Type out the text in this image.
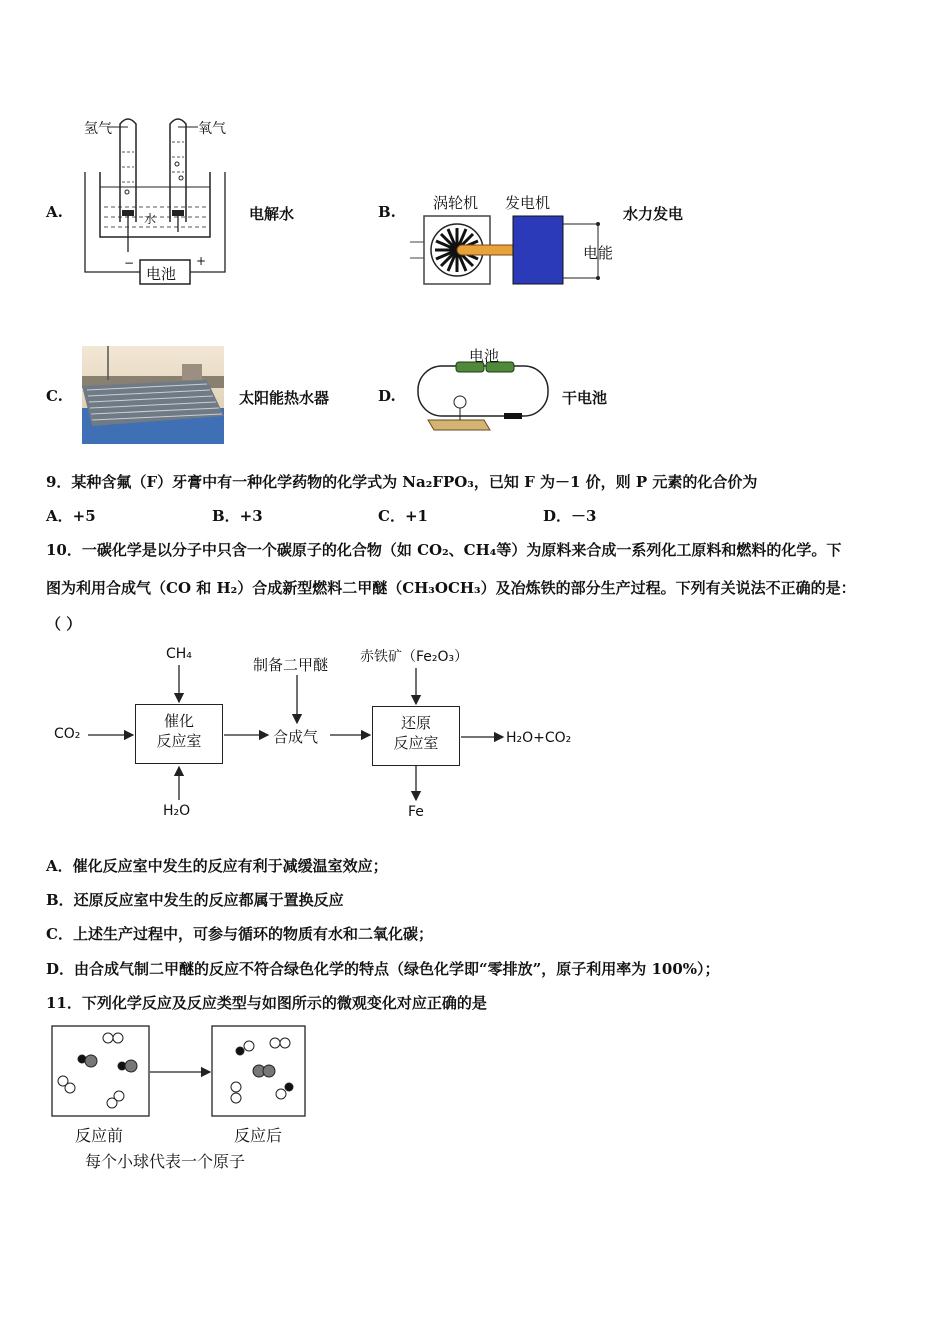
A.
氢气	氧气
水
−	+
电池
电解水	B. 涡轮机 发电机
电能
水力发电
C.	太阳能热水器	D.
电池
干电池
9．某种含氟（F）牙膏中有一种化学药物的化学式为 Na₂FPO₃，已知 F 为－1 价，则 P 元素的化合价为
A．+5	B．+3	C．+1	D．－3
10．一碳化学是以分子中只含一个碳原子的化合物（如 CO₂、CH₄等）为原料来合成一系列化工原料和燃料的化学。下
图为利用合成气（CO 和 H₂）合成新型燃料二甲醚（CH₃OCH₃）及冶炼铁的部分生产过程。下列有关说法不正确的是：
（ ）
CH₄
CO₂
H₂O
催化
反应室
制备二甲醚
合成气
赤铁矿（Fe₂O₃）
还原
反应室	H₂O+CO₂
Fe
A．催化反应室中发生的反应有利于减缓温室效应；
B．还原反应室中发生的反应都属于置换反应
C．上述生产过程中，可参与循环的物质有水和二氧化碳；
D．由合成气制二甲醚的反应不符合绿色化学的特点（绿色化学即“零排放”，原子利用率为 100%）；
11．下列化学反应及反应类型与如图所示的微观变化对应正确的是
反应前	反应后
每个小球代表一个原子
